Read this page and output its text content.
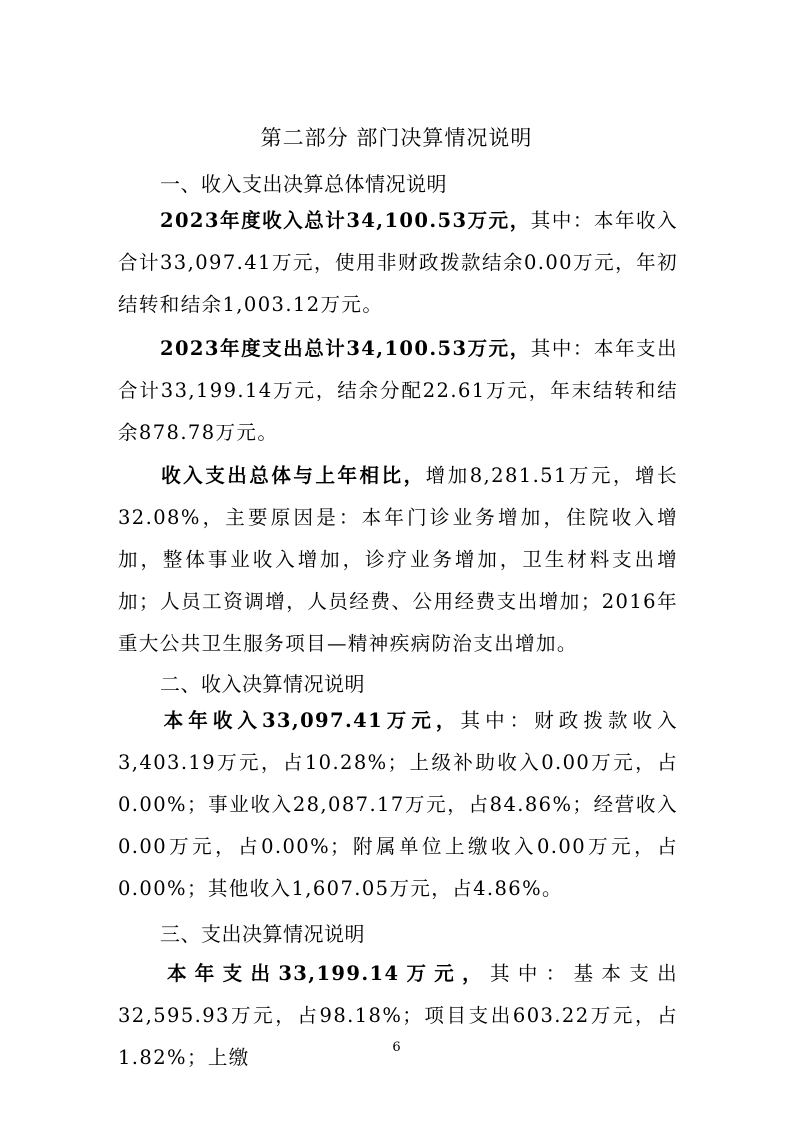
第二部分 部门决算情况说明
一、收入支出决算总体情况说明

2023年度收入总计34,100.53万元，其中：本年收入合计33,097.41万元，使用非财政拨款结余0.00万元，年初结转和结余1,003.12万元。

2023年度支出总计34,100.53万元，其中：本年支出合计33,199.14万元，结余分配22.61万元，年末结转和结余878.78万元。

收入支出总体与上年相比，增加8,281.51万元，增长32.08%，主要原因是：本年门诊业务增加，住院收入增加，整体事业收入增加，诊疗业务增加，卫生材料支出增加；人员工资调增，人员经费、公用经费支出增加；2016年重大公共卫生服务项目—精神疾病防治支出增加。

二、收入决算情况说明

本年收入33,097.41万元，其中：财政拨款收入3,403.19万元，占10.28%；上级补助收入0.00万元，占0.00%；事业收入28,087.17万元，占84.86%；经营收入0.00万元，占0.00%；附属单位上缴收入0.00万元，占0.00%；其他收入1,607.05万元，占4.86%。

三、支出决算情况说明

本年支出33,199.14万元，其中：基本支出32,595.93万元，占98.18%；项目支出603.22万元，占1.82%；上缴	6
